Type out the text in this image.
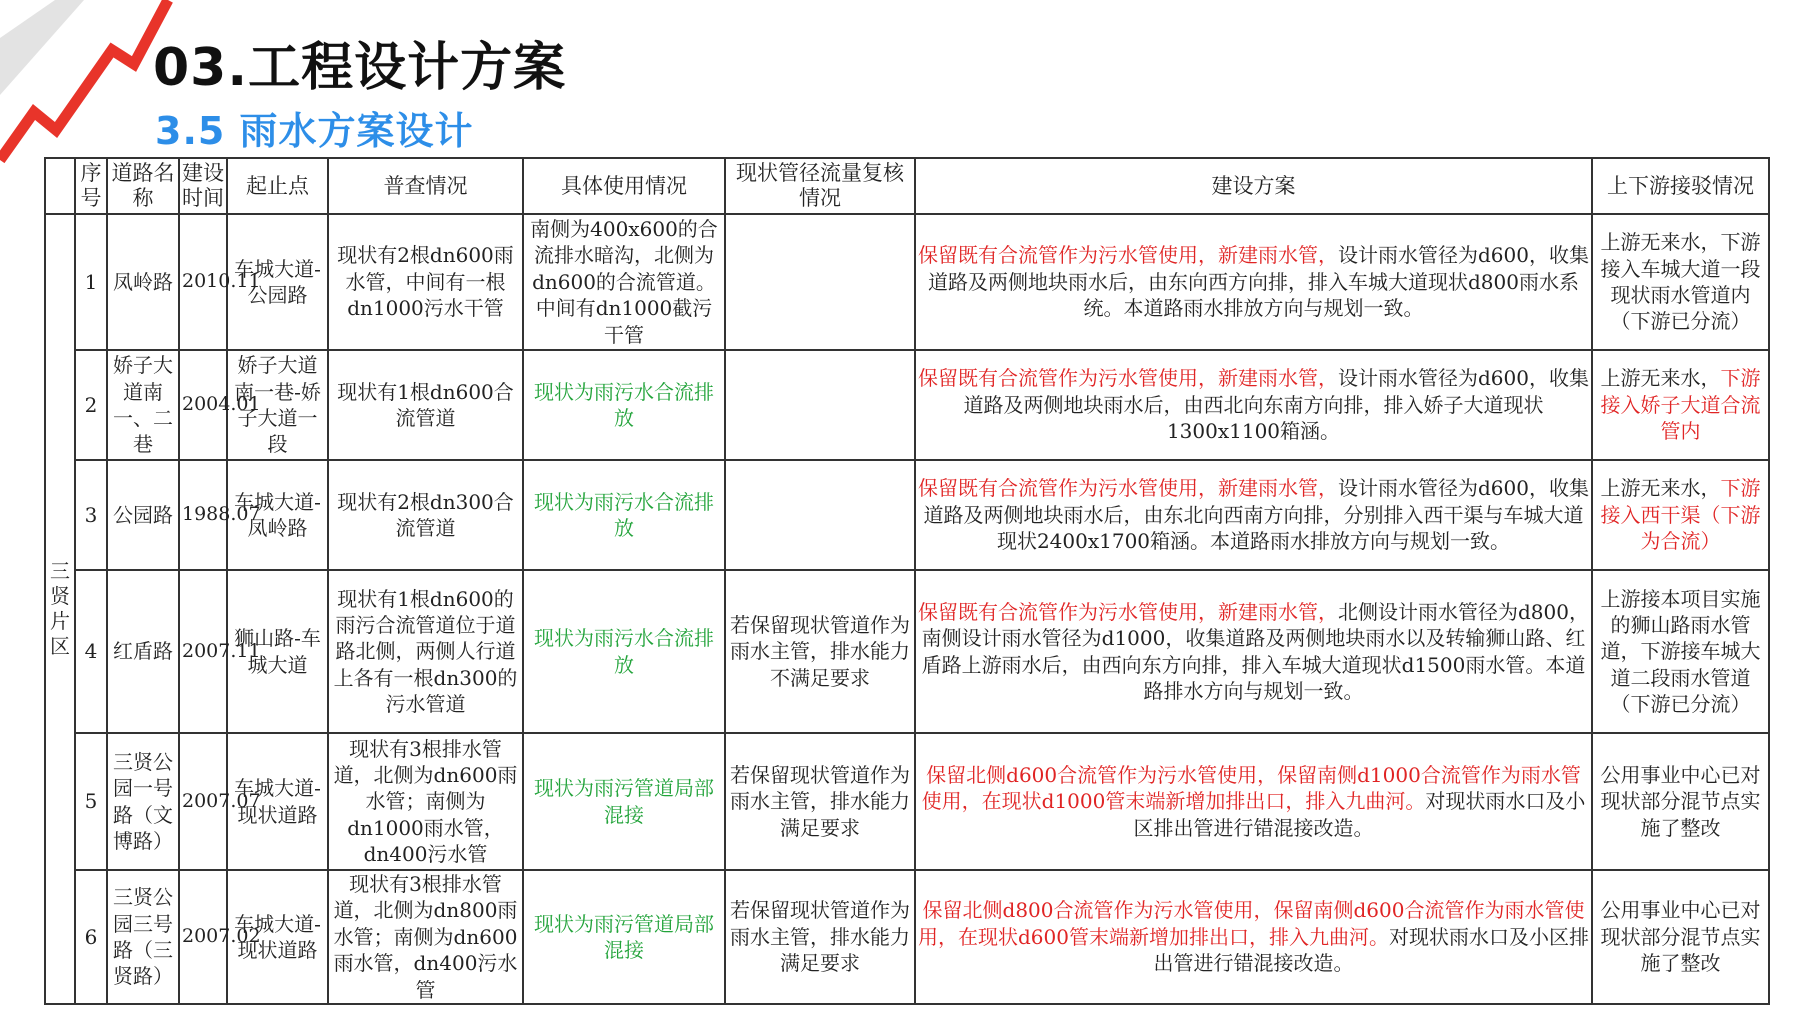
03.工程设计方案
3.5 雨水方案设计
	序号	道路名称	建设时间	起止点	普查情况	具体使用情况	现状管径流量复核情况	建设方案	上下游接驳情况
三贤片区	1	凤岭路	2010.11	车城大道-公园路	现状有2根dn600雨水管，中间有一根dn1000污水干管	南侧为400x600的合流排水暗沟，北侧为dn600的合流管道。中间有dn1000截污干管		保留既有合流管作为污水管使用，新建雨水管，设计雨水管径为d600，收集道路及两侧地块雨水后，由东向西方向排，排入车城大道现状d800雨水系统。本道路雨水排放方向与规划一致。	上游无来水，下游接入车城大道一段现状雨水管道内（下游已分流）
	2	娇子大道南一、二巷	2004.01	娇子大道南一巷-娇子大道一段	现状有1根dn600合流管道	现状为雨污水合流排放		保留既有合流管作为污水管使用，新建雨水管，设计雨水管径为d600，收集道路及两侧地块雨水后，由西北向东南方向排，排入娇子大道现状1300x1100箱涵。	上游无来水，下游接入娇子大道合流管内
	3	公园路	1988.07	车城大道-凤岭路	现状有2根dn300合流管道	现状为雨污水合流排放		保留既有合流管作为污水管使用，新建雨水管，设计雨水管径为d600，收集道路及两侧地块雨水后，由东北向西南方向排，分别排入西干渠与车城大道现状2400x1700箱涵。本道路雨水排放方向与规划一致。	上游无来水，下游接入西干渠（下游为合流）
	4	红盾路	2007.11	狮山路-车城大道	现状有1根dn600的雨污合流管道位于道路北侧，两侧人行道上各有一根dn300的污水管道	现状为雨污水合流排放	若保留现状管道作为雨水主管，排水能力不满足要求	保留既有合流管作为污水管使用，新建雨水管，北侧设计雨水管径为d800，南侧设计雨水管径为d1000，收集道路及两侧地块雨水以及转输狮山路、红盾路上游雨水后，由西向东方向排，排入车城大道现状d1500雨水管。本道路排水方向与规划一致。	上游接本项目实施的狮山路雨水管道，下游接车城大道二段雨水管道（下游已分流）
	5	三贤公园一号路（文博路）	2007.07	车城大道-现状道路	现状有3根排水管道，北侧为dn600雨水管；南侧为dn1000雨水管，dn400污水管	现状为雨污管道局部混接	若保留现状管道作为雨水主管，排水能力满足要求	保留北侧d600合流管作为污水管使用，保留南侧d1000合流管作为雨水管使用，在现状d1000管末端新增加排出口，排入九曲河。对现状雨水口及小区排出管进行错混接改造。	公用事业中心已对现状部分混节点实施了整改
	6	三贤公园三号路（三贤路）	2007.02	车城大道-现状道路	现状有3根排水管道，北侧为dn800雨水管；南侧为dn600雨水管，dn400污水管	现状为雨污管道局部混接	若保留现状管道作为雨水主管，排水能力满足要求	保留北侧d800合流管作为污水管使用，保留南侧d600合流管作为雨水管使用，在现状d600管末端新增加排出口，排入九曲河。对现状雨水口及小区排出管进行错混接改造。	公用事业中心已对现状部分混节点实施了整改
